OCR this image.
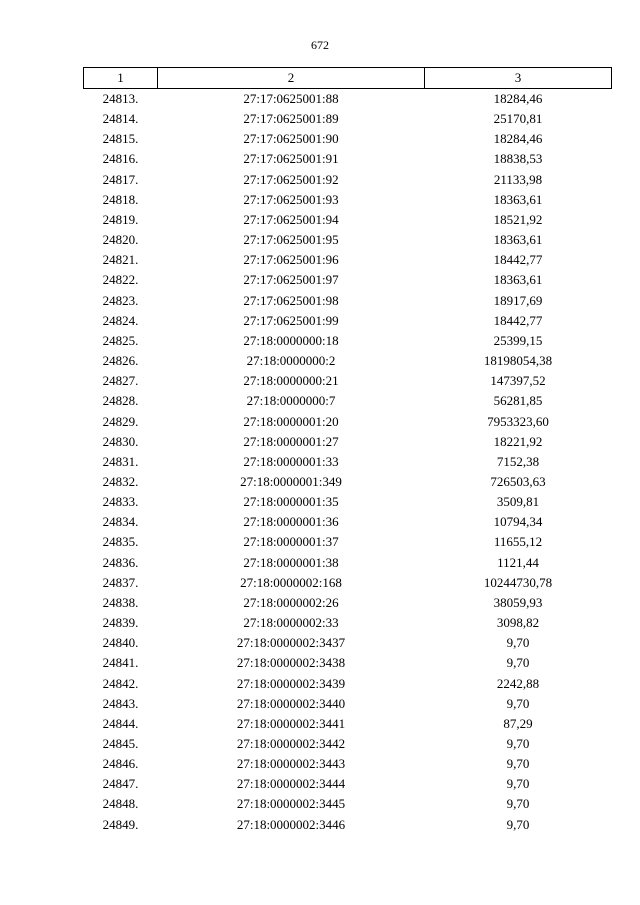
672
1	2	3
24813.	27:17:0625001:88	18284,46
24814.	27:17:0625001:89	25170,81
24815.	27:17:0625001:90	18284,46
24816.	27:17:0625001:91	18838,53
24817.	27:17:0625001:92	21133,98
24818.	27:17:0625001:93	18363,61
24819.	27:17:0625001:94	18521,92
24820.	27:17:0625001:95	18363,61
24821.	27:17:0625001:96	18442,77
24822.	27:17:0625001:97	18363,61
24823.	27:17:0625001:98	18917,69
24824.	27:17:0625001:99	18442,77
24825.	27:18:0000000:18	25399,15
24826.	27:18:0000000:2	18198054,38
24827.	27:18:0000000:21	147397,52
24828.	27:18:0000000:7	56281,85
24829.	27:18:0000001:20	7953323,60
24830.	27:18:0000001:27	18221,92
24831.	27:18:0000001:33	7152,38
24832.	27:18:0000001:349	726503,63
24833.	27:18:0000001:35	3509,81
24834.	27:18:0000001:36	10794,34
24835.	27:18:0000001:37	11655,12
24836.	27:18:0000001:38	1121,44
24837.	27:18:0000002:168	10244730,78
24838.	27:18:0000002:26	38059,93
24839.	27:18:0000002:33	3098,82
24840.	27:18:0000002:3437	9,70
24841.	27:18:0000002:3438	9,70
24842.	27:18:0000002:3439	2242,88
24843.	27:18:0000002:3440	9,70
24844.	27:18:0000002:3441	87,29
24845.	27:18:0000002:3442	9,70
24846.	27:18:0000002:3443	9,70
24847.	27:18:0000002:3444	9,70
24848.	27:18:0000002:3445	9,70
24849.	27:18:0000002:3446	9,70
